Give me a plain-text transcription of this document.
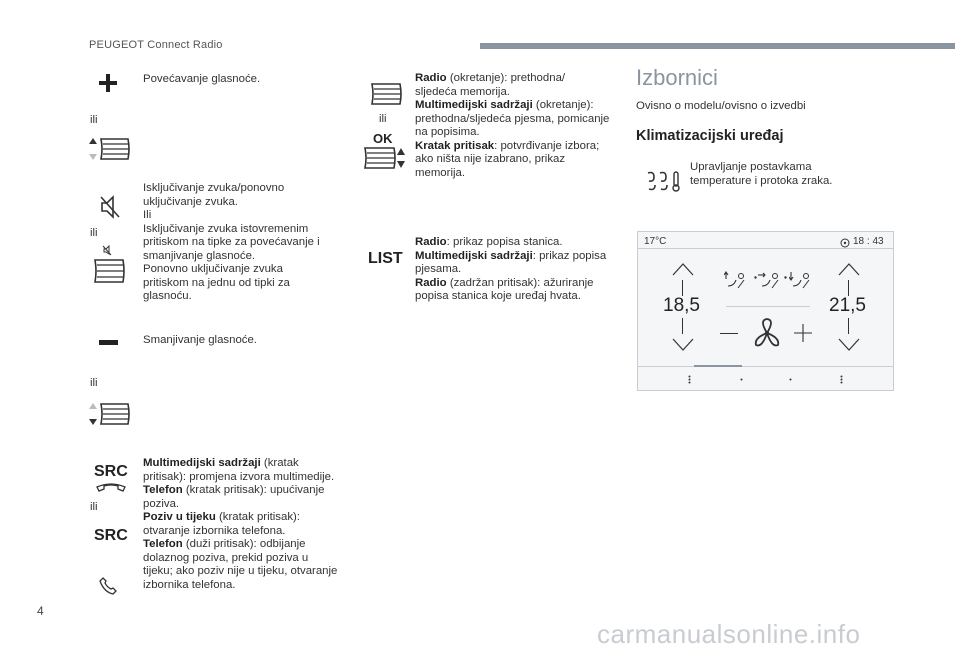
PEUGEOT Connect Radio
Povećavanje glasnoće.
ili
Isključivanje zvuka/ponovno
uključivanje zvuka.
Ili
Isključivanje zvuka istovremenim
pritiskom na tipke za povećavanje i
smanjivanje glasnoće.
Ponovno uključivanje zvuka
pritiskom na jednu od tipki za
glasnoću.
ili
Smanjivanje glasnoće.
ili
SRC
ili
SRC
Multimedijski sadržaji (kratak pritisak): promjena izvora multimedije.
Telefon (kratak pritisak): upućivanje poziva.
Poziv u tijeku (kratak pritisak): otvaranje izbornika telefona.
Telefon (duži pritisak): odbijanje dolaznog poziva, prekid poziva u tijeku; ako poziv nije u tijeku, otvaranje izbornika telefona.
ili
OK
Radio (okretanje): prethodna/ sljedeća memorija.
Multimedijski sadržaji (okretanje): prethodna/sljedeća pjesma, pomicanje na popisima.
Kratak pritisak: potvrđivanje izbora; ako ništa nije izabrano, prikaz memorija.
LIST
Radio: prikaz popisa stanica.
Multimedijski sadržaji: prikaz popisa pjesama.
Radio (zadržan pritisak): ažuriranje popisa stanica koje uređaj hvata.
Izbornici
Ovisno o modelu/ovisno o izvedbi
Klimatizacijski uređaj
Upravljanje postavkama temperature i protoka zraka.
17°C	18 : 43
18,5	21,5
4
carmanualsonline.info
